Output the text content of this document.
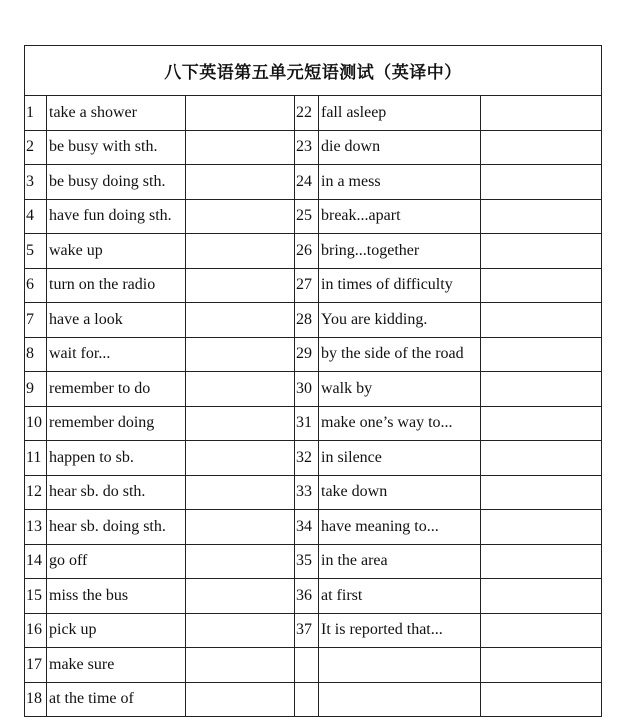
八下英语第五单元短语测试（英译中）					
1	take a shower		22	fall asleep	
2	be busy with sth.		23	die down	
3	be busy doing sth.		24	in a mess	
4	have fun doing sth.		25	break...apart	
5	wake up		26	bring...together	
6	turn on the radio		27	in times of difficulty	
7	have a look		28	You are kidding.	
8	wait for...		29	by the side of the road	
9	remember to do		30	walk by	
10	remember doing		31	make one’s way to...	
11	happen to sb.		32	in silence	
12	hear sb. do sth.		33	take down	
13	hear sb. doing sth.		34	have meaning to...	
14	go off		35	in the area	
15	miss the bus		36	at first	
16	pick up		37	It is reported that...	
17	make sure				
18	at the time of				
